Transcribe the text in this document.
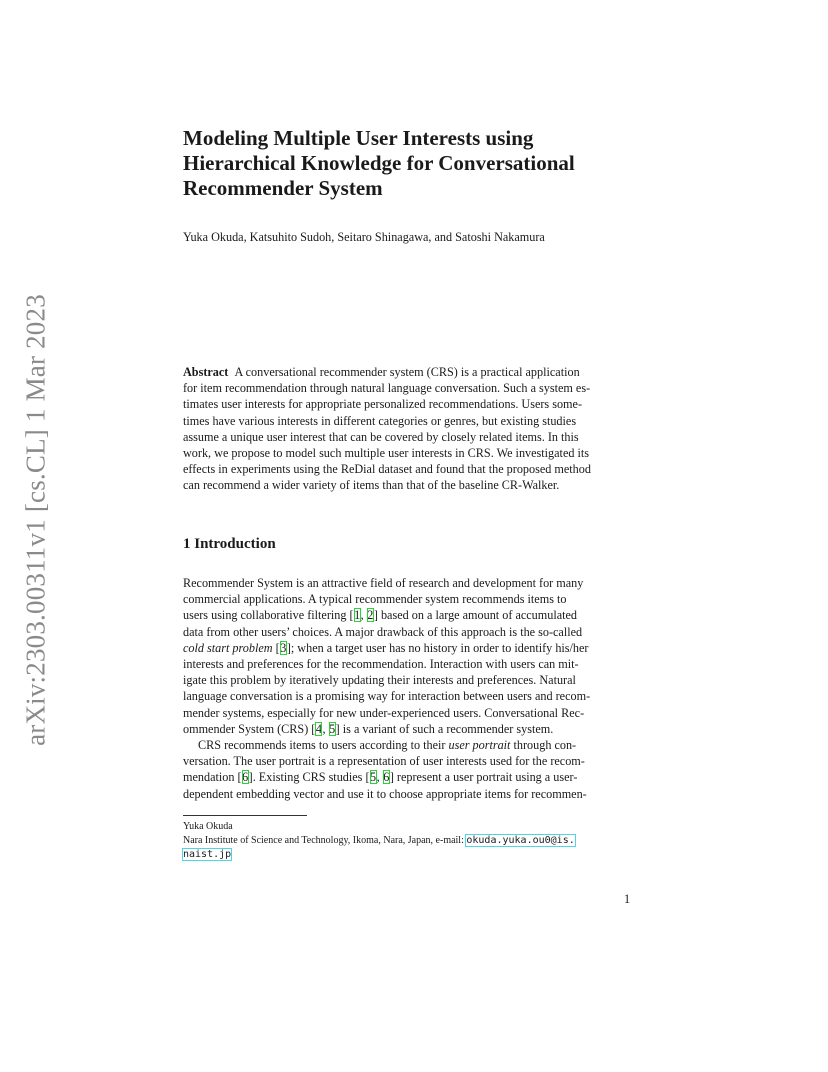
arXiv:2303.00311v1 [cs.CL] 1 Mar 2023
Modeling Multiple User Interests using
Hierarchical Knowledge for Conversational
Recommender System
Yuka Okuda, Katsuhito Sudoh, Seitaro Shinagawa, and Satoshi Nakamura
Abstract A conversational recommender system (CRS) is a practical application
for item recommendation through natural language conversation. Such a system es-
timates user interests for appropriate personalized recommendations. Users some-
times have various interests in different categories or genres, but existing studies
assume a unique user interest that can be covered by closely related items. In this
work, we propose to model such multiple user interests in CRS. We investigated its
effects in experiments using the ReDial dataset and found that the proposed method
can recommend a wider variety of items than that of the baseline CR-Walker.
1 Introduction
Recommender System is an attractive field of research and development for many
commercial applications. A typical recommender system recommends items to
users using collaborative filtering [1, 2] based on a large amount of accumulated
data from other users’ choices. A major drawback of this approach is the so-called
cold start problem [3]; when a target user has no history in order to identify his/her
interests and preferences for the recommendation. Interaction with users can mit-
igate this problem by iteratively updating their interests and preferences. Natural
language conversation is a promising way for interaction between users and recom-
mender systems, especially for new under-experienced users. Conversational Rec-
ommender System (CRS) [4, 5] is a variant of such a recommender system.
CRS recommends items to users according to their user portrait through con-
versation. The user portrait is a representation of user interests used for the recom-
mendation [6]. Existing CRS studies [5, 6] represent a user portrait using a user-
dependent embedding vector and use it to choose appropriate items for recommen-
Yuka Okuda
Nara Institute of Science and Technology, Ikoma, Nara, Japan, e-mail: okuda.yuka.ou0@is.
naist.jp
1
